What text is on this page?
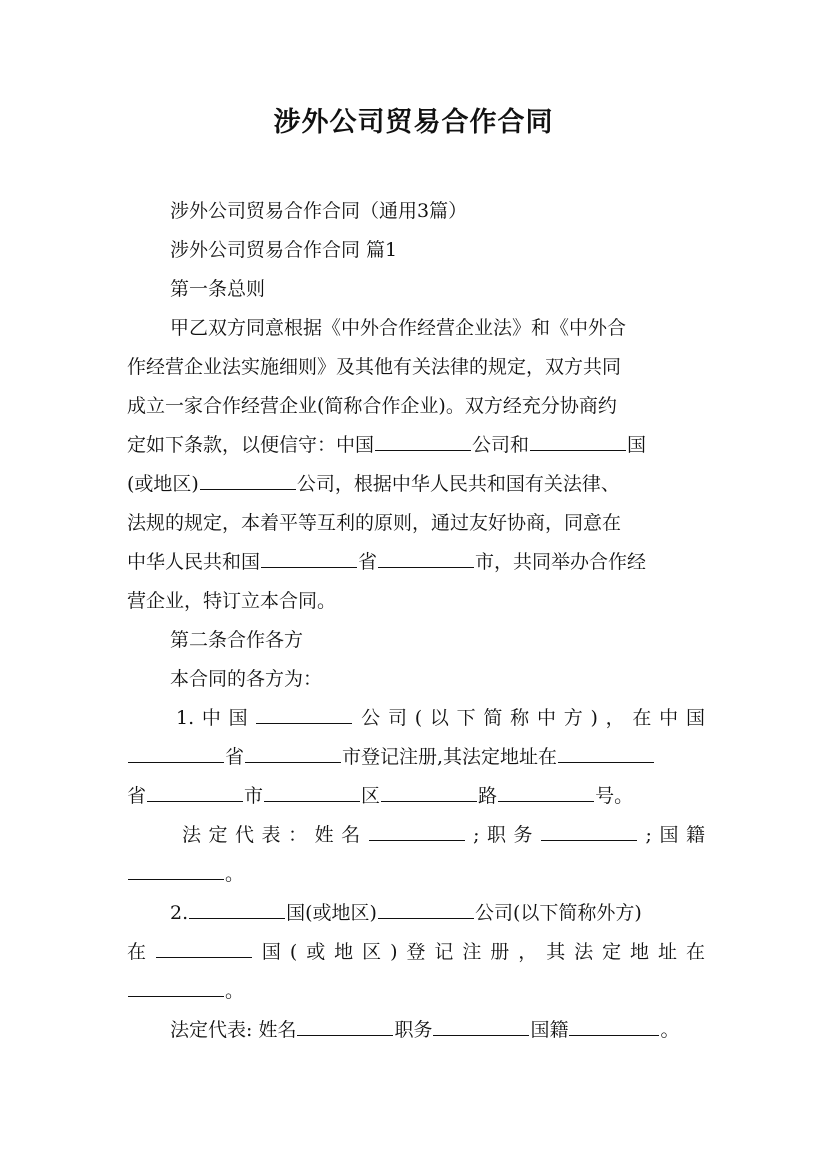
涉外公司贸易合作合同
涉外公司贸易合作合同（通用3篇）
涉外公司贸易合作合同 篇1
第一条总则
甲乙双方同意根据《中外合作经营企业法》和《中外合
作经营企业法实施细则》及其他有关法律的规定，双方共同
成立一家合作经营企业(简称合作企业)。双方经充分协商约
定如下条款，以便信守：中国	公司和	国
(或地区)	公司，根据中华人民共和国有关法律、
法规的规定，本着平等互利的原则，通过友好协商，同意在
中华人民共和国	省	市，共同举办合作经
营企业，特订立本合同。
第二条合作各方
本合同的各方为：
1. 中 国	公 司 ( 以 下 简 称 中 方 ) ， 在 中 国
省	市登记注册,其法定地址在
省	市	区	路	号。
法 定 代 表 ： 姓 名	; 职 务	; 国 籍
。
2.	国(或地区)	公司(以下简称外方)
在	国 ( 或 地 区 ) 登 记 注 册 ， 其 法 定 地 址 在
。
法定代表: 姓名	职务	国籍	。
